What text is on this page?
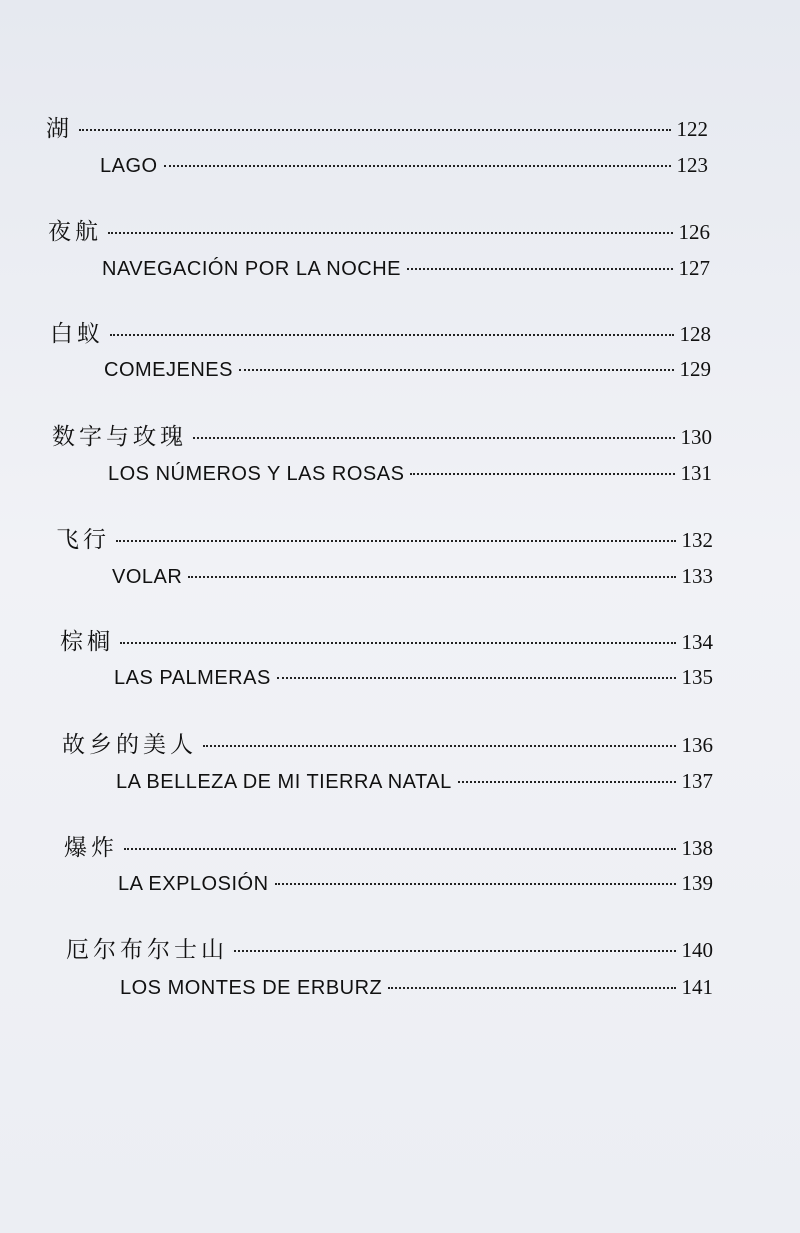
湖	122
LAGO	123
夜航	126
NAVEGACIÓN POR LA NOCHE	127
白蚁	128
COMEJENES	129
数字与玫瑰	130
LOS NÚMEROS Y LAS ROSAS	131
飞行	132
VOLAR	133
棕榈	134
LAS PALMERAS	135
故乡的美人	136
LA BELLEZA DE MI TIERRA NATAL	137
爆炸	138
LA EXPLOSIÓN	139
厄尔布尔士山	140
LOS MONTES DE ERBURZ	141
